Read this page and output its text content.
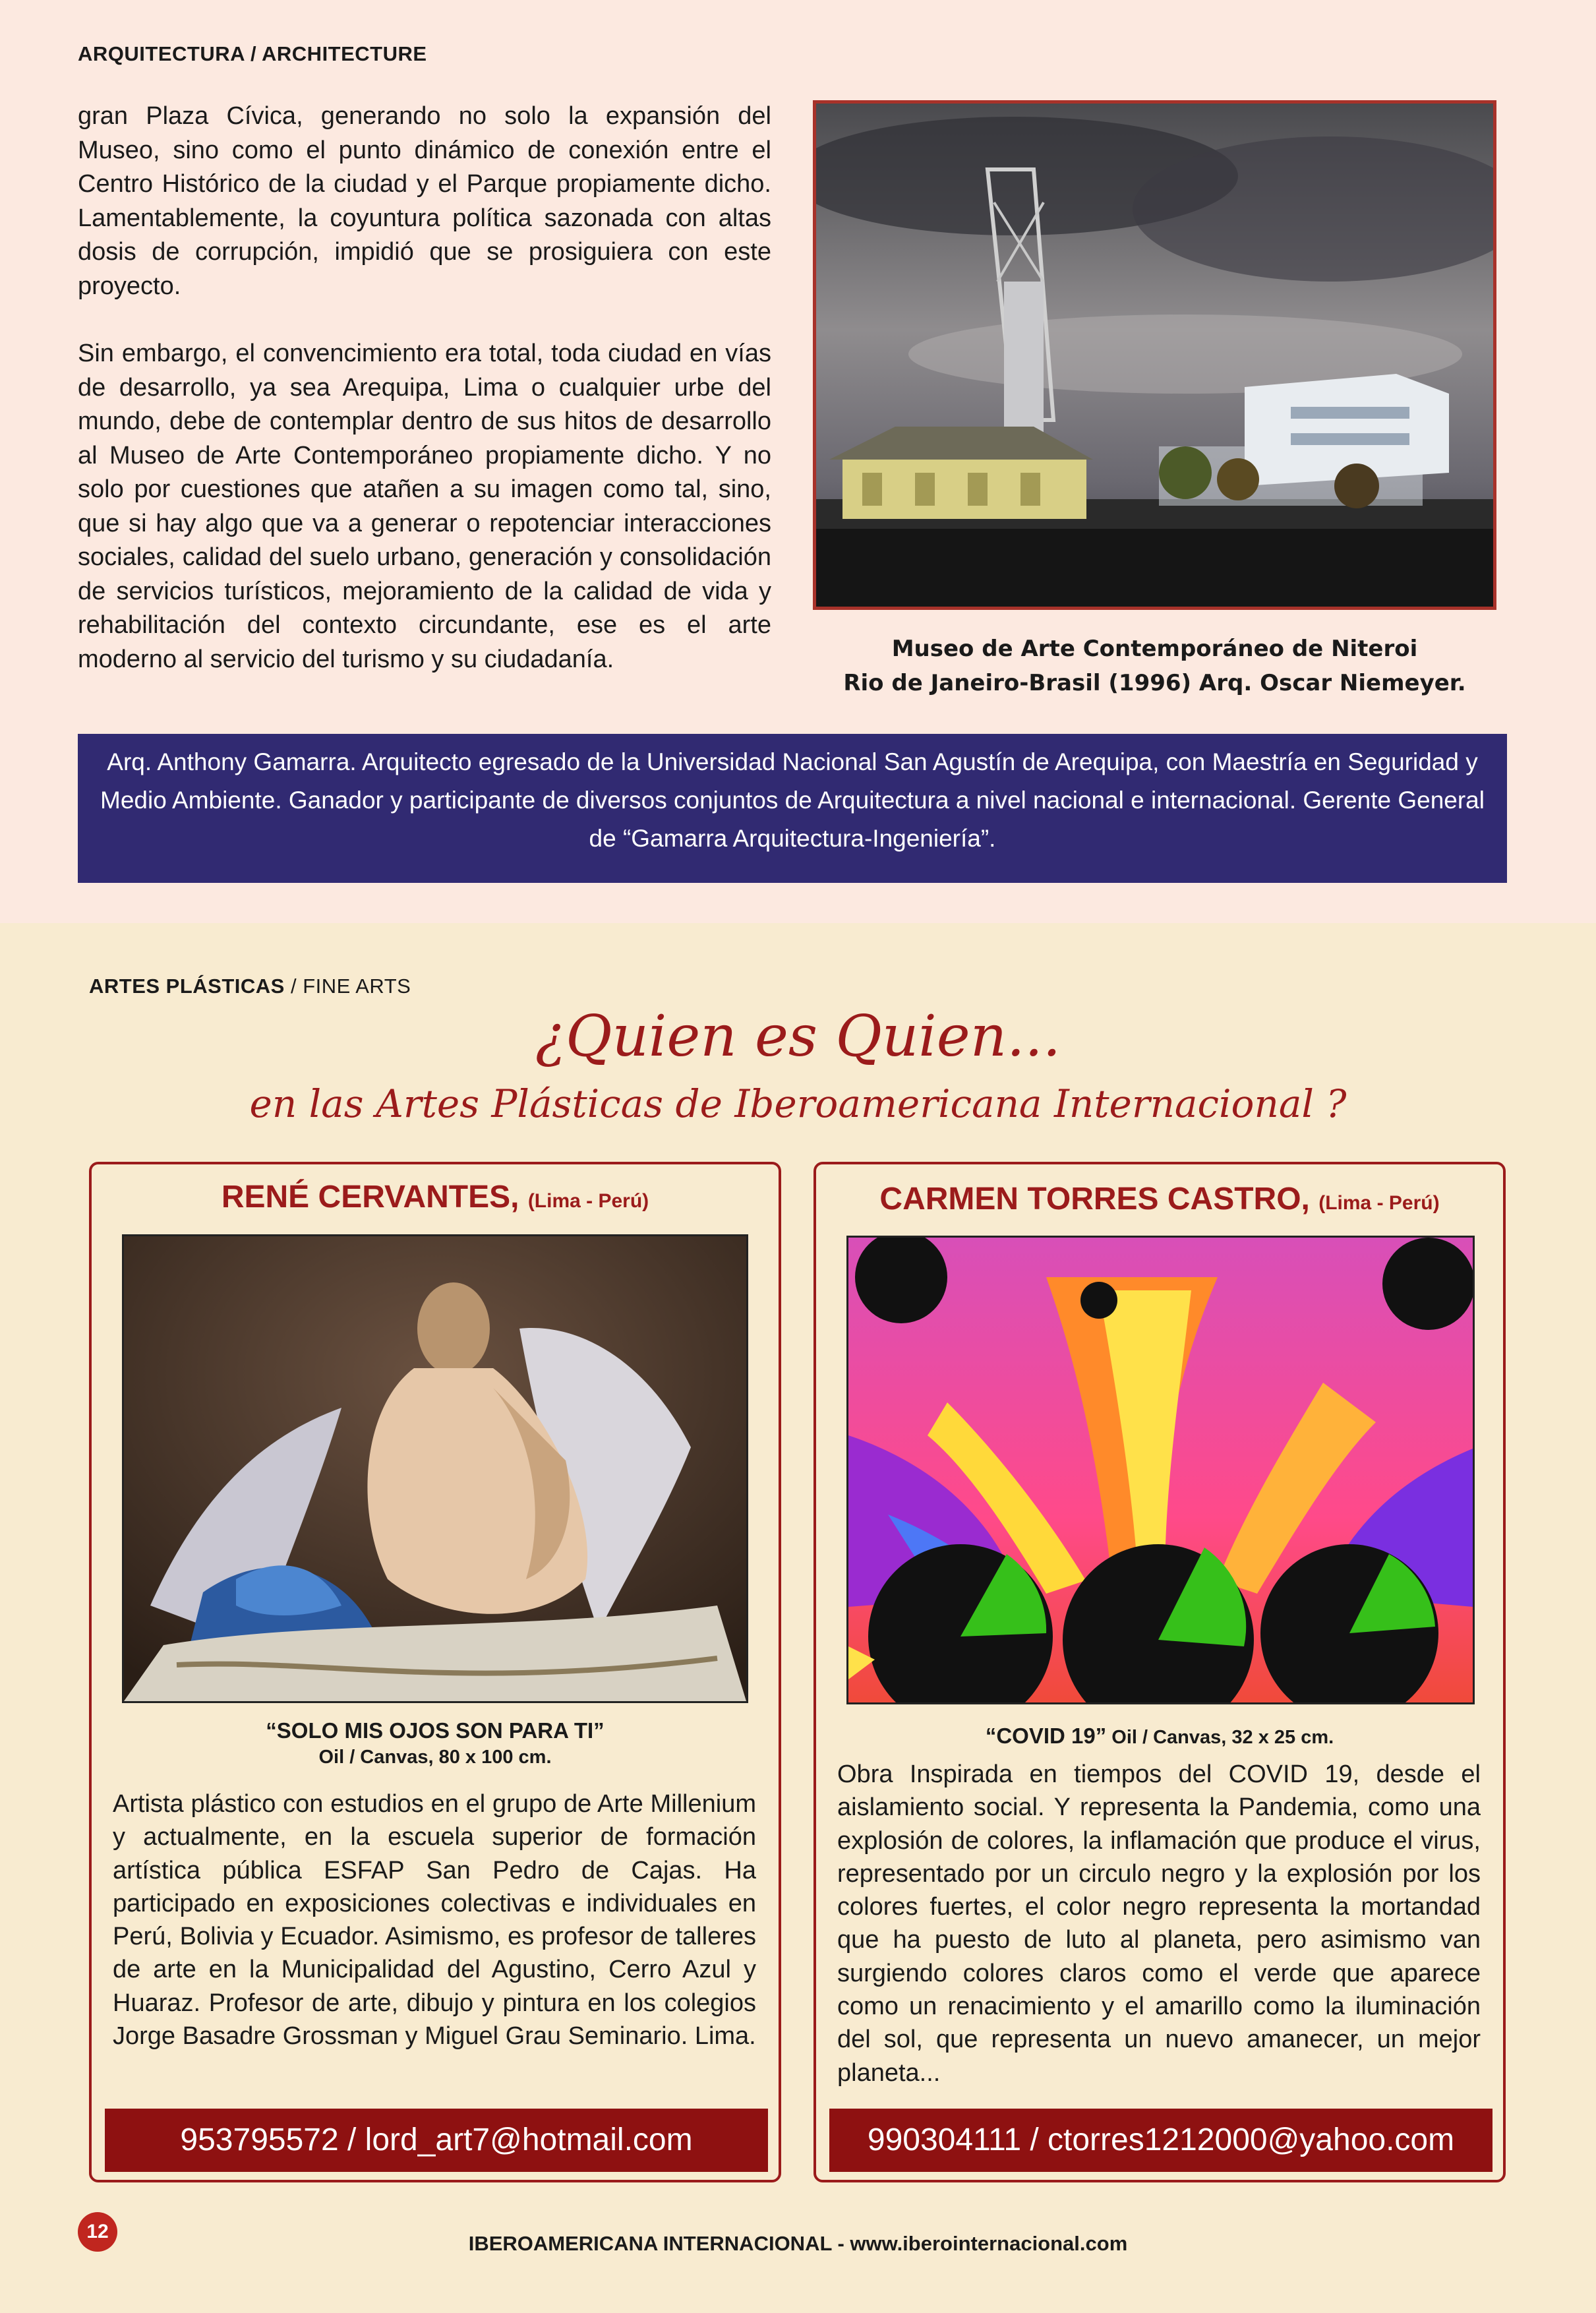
ARQUITECTURA / ARCHITECTURE

gran Plaza Cívica, generando no solo la expansión del Museo, sino como el punto dinámico de conexión entre el Centro Histórico de la ciudad y el Parque propiamente dicho. Lamentablemente, la coyuntura política sazonada con altas dosis de corrupción, impidió que se prosiguiera con este proyecto.

Sin embargo, el convencimiento era total, toda ciudad en vías de desarrollo, ya sea Arequipa, Lima o cualquier urbe del mundo, debe de contemplar dentro de sus hitos de desarrollo al Museo de Arte Contemporáneo propiamente dicho. Y no solo por cuestiones que atañen a su imagen como tal, sino, que si hay algo que va a generar o repotenciar interacciones sociales, calidad del suelo urbano, generación y consolidación de servicios turísticos, mejoramiento de la calidad de vida y rehabilitación del contexto circundante, ese es el arte moderno al servicio del turismo y su ciudadanía.	Museo de Arte Contemporáneo de Niteroi
Rio de Janeiro-Brasil (1996) Arq. Oscar Niemeyer.
Arq. Anthony Gamarra. Arquitecto egresado de la Universidad Nacional San Agustín de Arequipa, con Maestría en Seguridad y Medio Ambiente. Ganador y participante de diversos conjuntos de Arquitectura a nivel nacional e internacional. Gerente General de “Gamarra Arquitectura-Ingeniería”.
ARTES PLÁSTICAS / FINE ARTS
¿Quien es Quien...
en las Artes Plásticas de Iberoamericana Internacional ?
RENÉ CERVANTES, (Lima - Perú)
“SOLO MIS OJOS SON PARA TI”
Oil / Canvas, 80 x 100 cm.
Artista plástico con estudios en el grupo de Arte Millenium y actualmente, en la escuela superior de formación artística pública ESFAP San Pedro de Cajas. Ha participado en exposiciones colectivas e individuales en Perú, Bolivia y Ecuador. Asimismo, es profesor de talleres de arte en la Municipalidad del Agustino, Cerro Azul y Huaraz. Profesor de arte, dibujo y pintura en los colegios Jorge Basadre Grossman y Miguel Grau Seminario. Lima.
953795572 / lord_art7@hotmail.com
CARMEN TORRES CASTRO, (Lima - Perú)
“COVID 19” Oil / Canvas, 32 x 25 cm.
Obra Inspirada en tiempos del COVID 19, desde el aislamiento social. Y representa la Pandemia, como una explosión de colores, la inflamación que produce el virus, representado por un circulo negro y la explosión por los colores fuertes, el color negro representa la mortandad que ha puesto de luto al planeta, pero asimismo van surgiendo colores claros como el verde que aparece como un renacimiento y el amarillo como la iluminación del sol, que representa un nuevo amanecer, un mejor planeta...
990304111 / ctorres1212000@yahoo.com
12
IBEROAMERICANA INTERNACIONAL - www.iberointernacional.com
